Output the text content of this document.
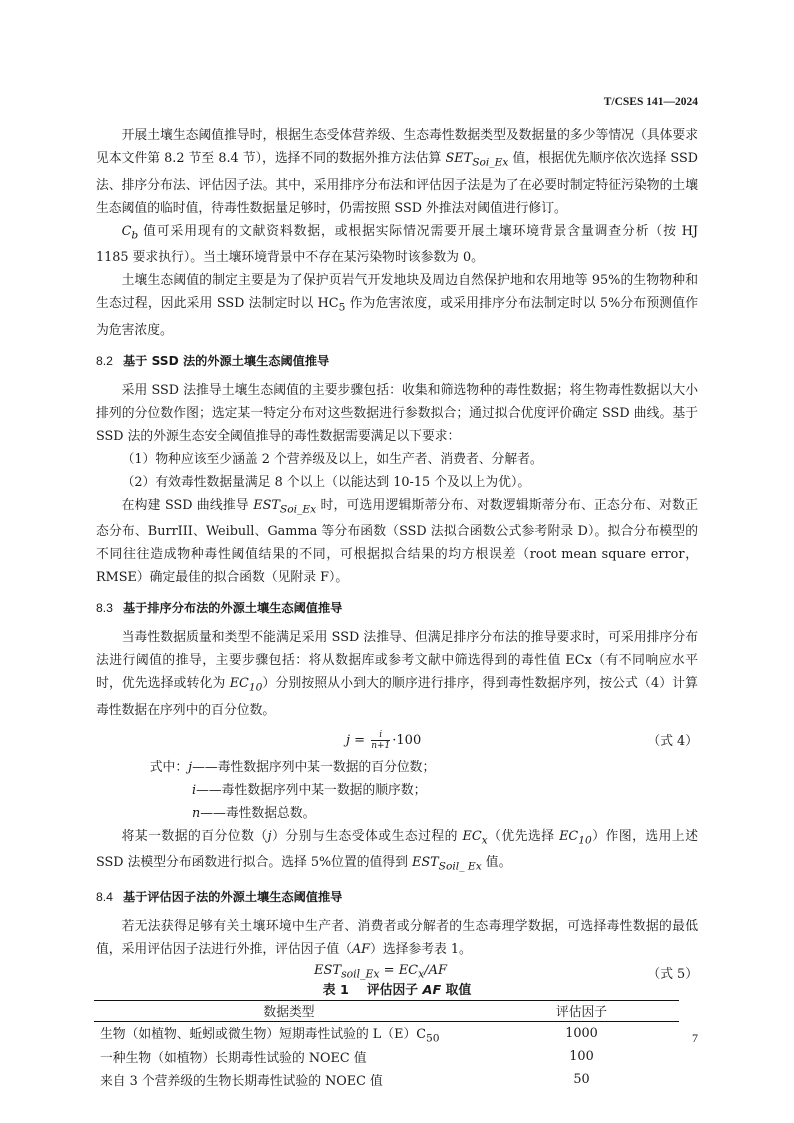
T/CSES 141—2024

开展土壤生态阈值推导时，根据生态受体营养级、生态毒性数据类型及数据量的多少等情况（具体要求见本文件第 8.2 节至 8.4 节），选择不同的数据外推方法估算 $SET_{Soi\_Ex}$ 值，根据优先顺序依次选择 SSD 法、排序分布法、评估因子法。其中，采用排序分布法和评估因子法是为了在必要时制定特征污染物的土壤生态阈值的临时值，待毒性数据量足够时，仍需按照 SSD 外推法对阈值进行修订。

$C_b$ 值可采用现有的文献资料数据，或根据实际情况需要开展土壤环境背景含量调查分析（按 HJ 1185 要求执行）。当土壤环境背景中不存在某污染物时该参数为 0。

土壤生态阈值的制定主要是为了保护页岩气开发地块及周边自然保护地和农用地等 95%的生物物种和生态过程，因此采用 SSD 法制定时以 $HC_5$ 作为危害浓度，或采用排序分布法制定时以 5%分布预测值作为危害浓度。

8.2 基于 SSD 法的外源土壤生态阈值推导

采用 SSD 法推导土壤生态阈值的主要步骤包括：收集和筛选物种的毒性数据；将生物毒性数据以大小排列的分位数作图；选定某一特定分布对这些数据进行参数拟合；通过拟合优度评价确定 SSD 曲线。基于 SSD 法的外源生态安全阈值推导的毒性数据需要满足以下要求：

（1）物种应该至少涵盖 2 个营养级及以上，如生产者、消费者、分解者。

（2）有效毒性数据量满足 8 个以上（以能达到 10-15 个及以上为优）。

在构建 SSD 曲线推导 $EST_{Soi\_Ex}$ 时，可选用逻辑斯蒂分布、对数逻辑斯蒂分布、正态分布、对数正态分布、BurrIII、Weibull、Gamma 等分布函数（SSD 法拟合函数公式参考附录 D）。拟合分布模型的不同往往造成物种毒性阈值结果的不同，可根据拟合结果的均方根误差（root mean square error，RMSE）确定最佳的拟合函数（见附录 F）。

8.3 基于排序分布法的外源土壤生态阈值推导

当毒性数据质量和类型不能满足采用 SSD 法推导、但满足排序分布法的推导要求时，可采用排序分布法进行阈值的推导，主要步骤包括：将从数据库或参考文献中筛选得到的毒性值 ECx（有不同响应水平时，优先选择或转化为 $EC_{10}$）分别按照从小到大的顺序进行排序，得到毒性数据序列，按公式（4）计算毒性数据在序列中的百分位数。

$j = \frac{i}{n+1} \cdot 100$	（式 4）
式中：j——毒性数据序列中某一数据的百分位数；
i——毒性数据序列中某一数据的顺序数；
n——毒性数据总数。

将某一数据的百分位数（j）分别与生态受体或生态过程的 $EC_x$（优先选择 $EC_{10}$）作图，选用上述 SSD 法模型分布函数进行拟合。选择 5%位置的值得到 $EST_{Soil\_ Ex}$ 值。

8.4 基于评估因子法的外源土壤生态阈值推导

若无法获得足够有关土壤环境中生产者、消费者或分解者的生态毒理学数据，可选择毒性数据的最低值，采用评估因子法进行外推，评估因子值（AF）选择参考表 1。

$EST_{soil\_Ex} = EC_x/AF$	（式 5）

表 1 评估因子 AF 取值

数据类型	评估因子
生物（如植物、蚯蚓或微生物）短期毒性试验的 $L(E)C_{50}$	1000
一种生物（如植物）长期毒性试验的 NOEC 值	100
来自 3 个营养级的生物长期毒性试验的 NOEC 值	50
7
